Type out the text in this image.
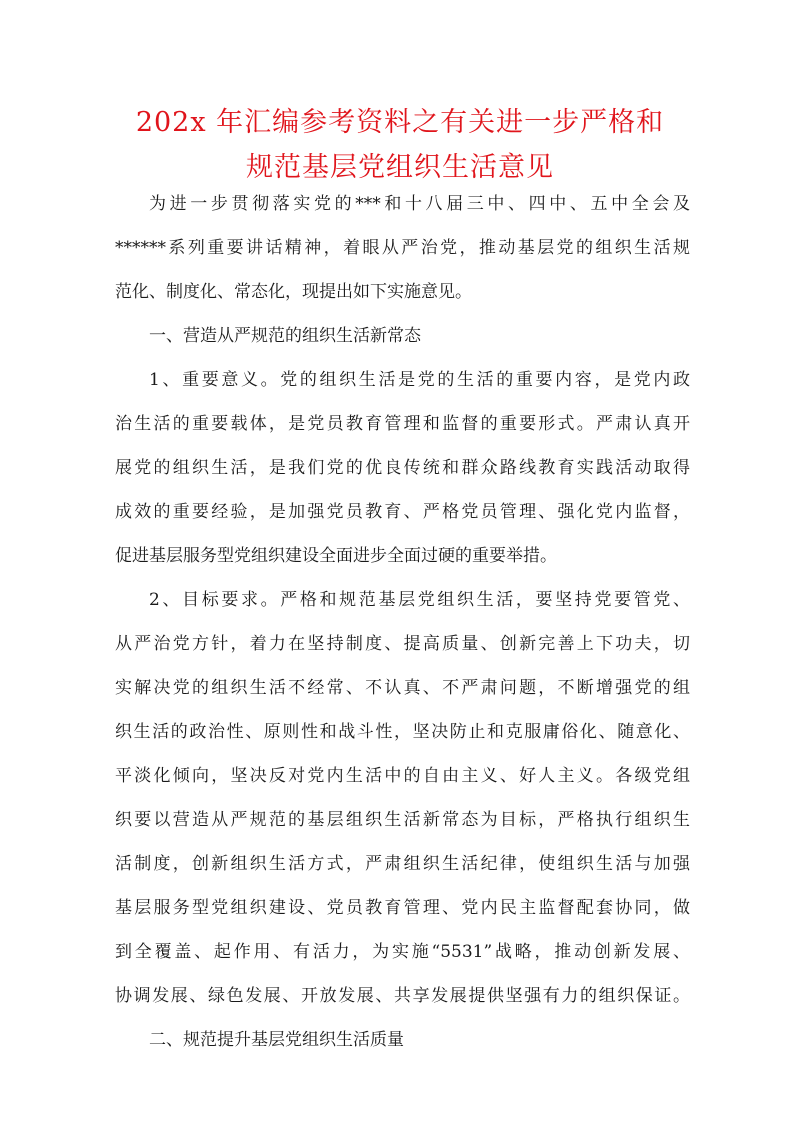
202x 年汇编参考资料之有关进一步严格和
规范基层党组织生活意见
为进一步贯彻落实党的***和十八届三中、四中、五中全会及
******系列重要讲话精神，着眼从严治党，推动基层党的组织生活规
范化、制度化、常态化，现提出如下实施意见。
一、营造从严规范的组织生活新常态
1、重要意义。党的组织生活是党的生活的重要内容，是党内政
治生活的重要载体，是党员教育管理和监督的重要形式。严肃认真开
展党的组织生活，是我们党的优良传统和群众路线教育实践活动取得
成效的重要经验，是加强党员教育、严格党员管理、强化党内监督，
促进基层服务型党组织建设全面进步全面过硬的重要举措。
2、目标要求。严格和规范基层党组织生活，要坚持党要管党、
从严治党方针，着力在坚持制度、提高质量、创新完善上下功夫，切
实解决党的组织生活不经常、不认真、不严肃问题，不断增强党的组
织生活的政治性、原则性和战斗性，坚决防止和克服庸俗化、随意化、
平淡化倾向，坚决反对党内生活中的自由主义、好人主义。各级党组
织要以营造从严规范的基层组织生活新常态为目标，严格执行组织生
活制度，创新组织生活方式，严肃组织生活纪律，使组织生活与加强
基层服务型党组织建设、党员教育管理、党内民主监督配套协同，做
到全覆盖、起作用、有活力，为实施“5531”战略，推动创新发展、
协调发展、绿色发展、开放发展、共享发展提供坚强有力的组织保证。
二、规范提升基层党组织生活质量
